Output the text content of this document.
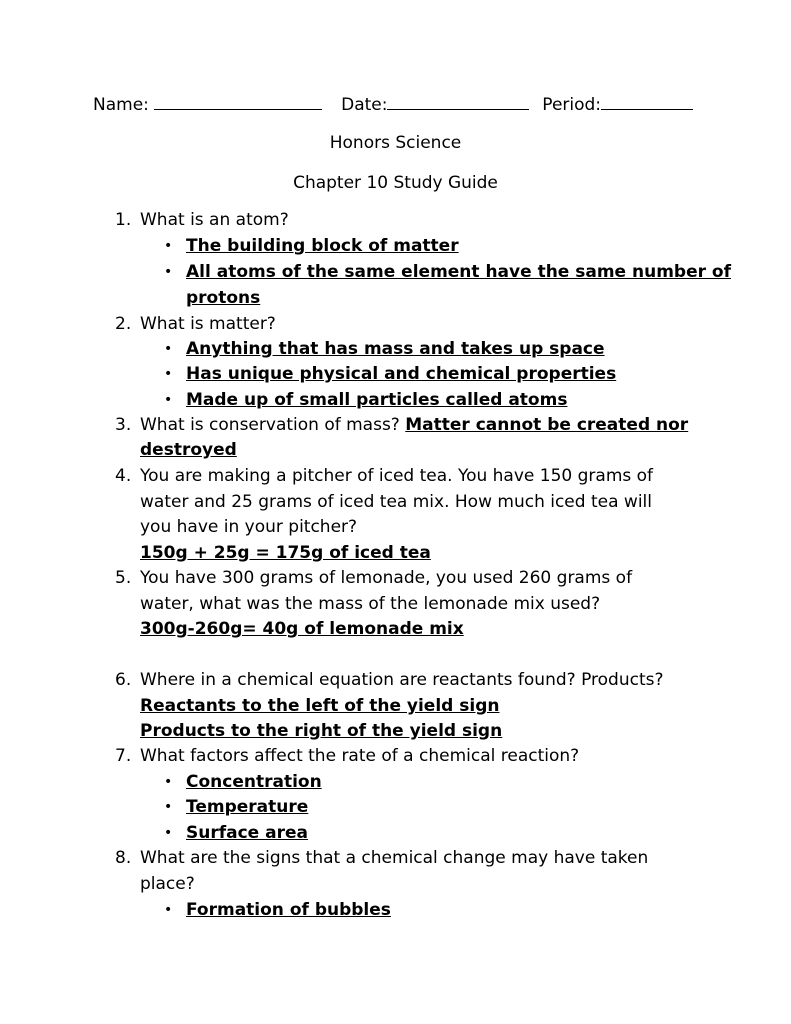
Name:	Date:	Period:
Honors Science
Chapter 10 Study Guide
1. What is an atom?
• The building block of matter
• All atoms of the same element have the same number of
protons
2. What is matter?
• Anything that has mass and takes up space
• Has unique physical and chemical properties
• Made up of small particles called atoms
3. What is conservation of mass? Matter cannot be created nor
destroyed
4. You are making a pitcher of iced tea. You have 150 grams of
water and 25 grams of iced tea mix. How much iced tea will
you have in your pitcher?
150g + 25g = 175g of iced tea
5. You have 300 grams of lemonade, you used 260 grams of
water, what was the mass of the lemonade mix used?
300g-260g= 40g of lemonade mix
6. Where in a chemical equation are reactants found? Products?
Reactants to the left of the yield sign
Products to the right of the yield sign
7. What factors affect the rate of a chemical reaction?
• Concentration
• Temperature
• Surface area
8. What are the signs that a chemical change may have taken
place?
• Formation of bubbles
